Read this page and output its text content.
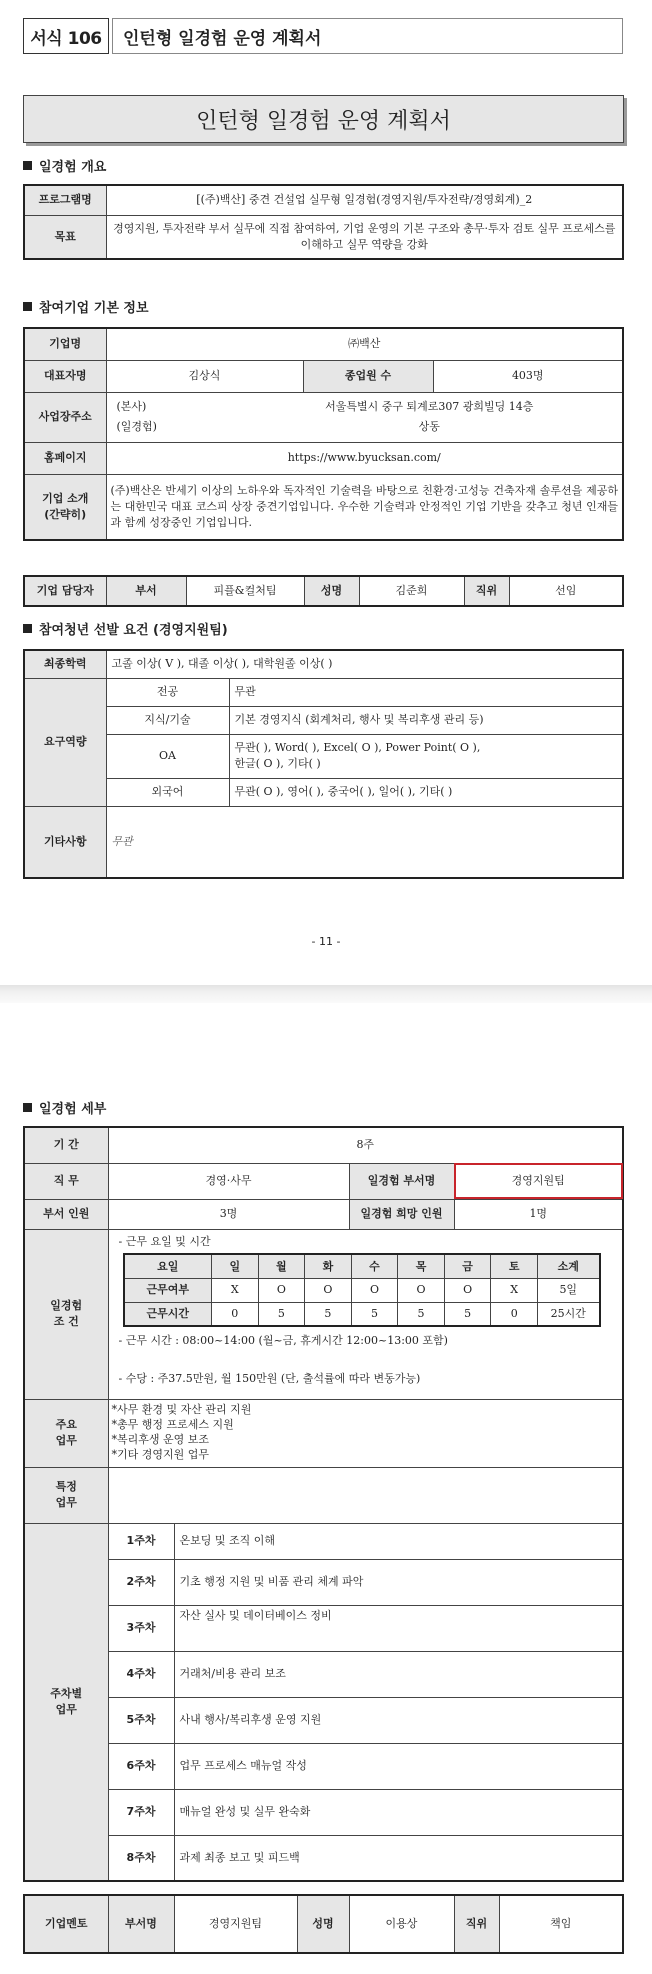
서식 106	인턴형 일경험 운영 계획서
인턴형 일경험 운영 계획서
일경험 개요
프로그램명	[(주)백산] 중견 건설업 실무형 일경험(경영지원/투자전략/경영회계)_2
목표	경영지원, 투자전략 부서 실무에 직접 참여하여, 기업 운영의 기본 구조와 총무·투자 검토 실무 프로세스를 이해하고 실무 역량을 강화
참여기업 기본 정보
기업명	㈜백산		
대표자명	김상식	종업원 수	403명
사업장주소	(본사) 서울특별시 중구 퇴계로307 광희빌딩 14층
(일경험) 상동		

홈페이지	https://www.byucksan.com/		

기업 소개
(간략히)	(주)백산은 반세기 이상의 노하우와 독자적인 기술력을 바탕으로 친환경·고성능 건축자재 솔루션을 제공하는 대한민국 대표 코스피 상장 중견기업입니다. 우수한 기술력과 안정적인 기업 기반을 갖추고 청년 인재들과 함께 성장중인 기업입니다.		
기업 담당자	부서	피플&컬처팀	성명	김준희	직위	선임
참여청년 선발 요건 (경영지원팀)
최종학력	고졸 이상( V ), 대졸 이상( ), 대학원졸 이상( )	
요구역량	전공	무관
	지식/기술	기본 경영지식 (회계처리, 행사 및 복리후생 관리 등)
	OA	무관( ), Word( ), Excel( O ), Power Point( O ),
한글( O ), 기타( )

	외국어	무관( O ), 영어( ), 중국어( ), 일어( ), 기타( )
기타사항	무관	
- 11 -
일경험 세부
기 간	8주
직 무	경영·사무	일경험 부서명	경영지원팀
부서 인원	3명	일경험 희망 인원	1명

일경험
조 건

- 근무 요일 및 시간
요일	일	월	화	수	목	금	토	소계
근무여부	X	O	O	O	O	O	X	5일
근무시간	0	5	5	5	5	5	0	25시간
- 근무 시간 : 08:00~14:00 (월~금, 휴게시간 12:00~13:00 포함)
- 수당 : 주37.5만원, 월 150만원 (단, 출석률에 따라 변동가능)

주요
업무

*사무 환경 및 자산 관리 지원
*총무 행정 프로세스 지원
*복리후생 운영 보조
*기타 경영지원 업무

특정
업무

주차별
업무
	1주차	온보딩 및 조직 이해
2주차	기초 행정 지원 및 비품 관리 체계 파악
3주차	자산 실사 및 데이터베이스 정비
4주차	거래처/비용 관리 보조
5주차	사내 행사/복리후생 운영 지원
6주차	업무 프로세스 매뉴얼 작성
7주차	매뉴얼 완성 및 실무 완숙화
8주차	과제 최종 보고 및 피드백
기업멘토	부서명	경영지원팀	성명	이용상	직위	책임
